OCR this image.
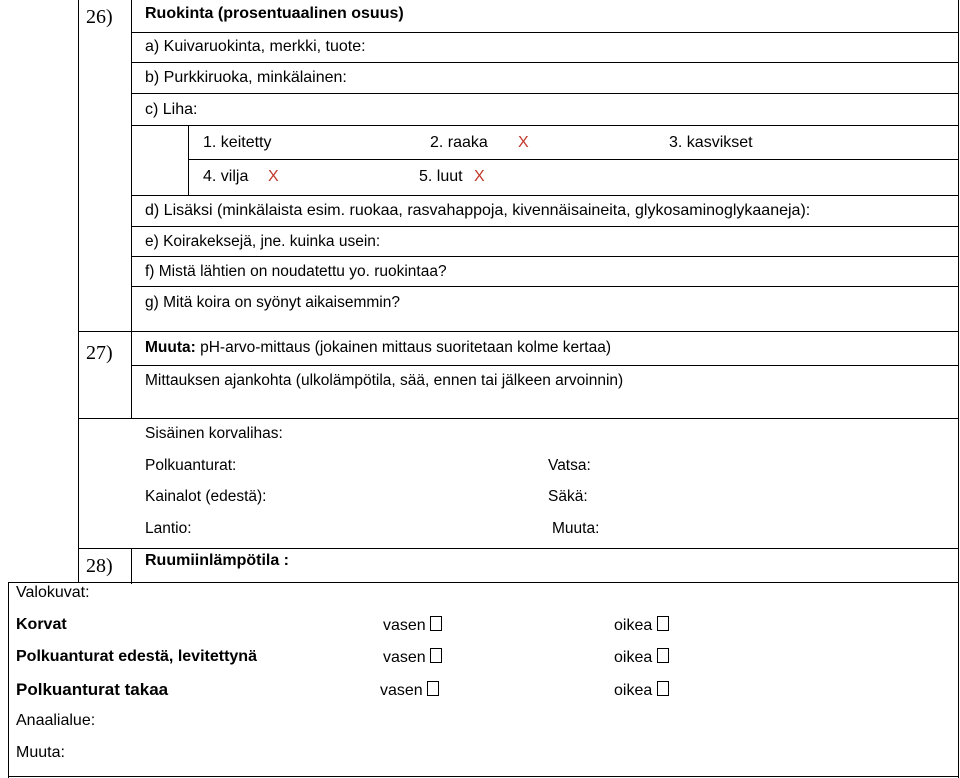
26) Ruokinta (prosentuaalinen osuus)
a) Kuivaruokinta, merkki, tuote:
b) Purkkiruoka, minkälainen:
c) Liha:
1. keitetty	2. raaka X	3. kasvikset
4. vilja X	5. luut X
d) Lisäksi (minkälaista esim. ruokaa, rasvahappoja, kivennäisaineita, glykosaminoglykaaneja):
e) Koirakeksejä, jne. kuinka usein:
f) Mistä lähtien on noudatettu yo. ruokintaa?
g) Mitä koira on syönyt aikaisemmin?
27) Muuta: pH-arvo-mittaus (jokainen mittaus suoritetaan kolme kertaa)
Mittauksen ajankohta (ulkolämpötila, sää, ennen tai jälkeen arvoinnin)
Sisäinen korvalihas:
Polkuanturat:	Vatsa:
Kainalot (edestä):	Säkä:
Lantio:	Muuta:
28) Ruumiinlämpötila :
Valokuvat:
Korvat	vasen	oikea
Polkuanturat edestä, levitettynä	vasen	oikea
Polkuanturat takaa	vasen	oikea
Anaalialue:
Muuta:
